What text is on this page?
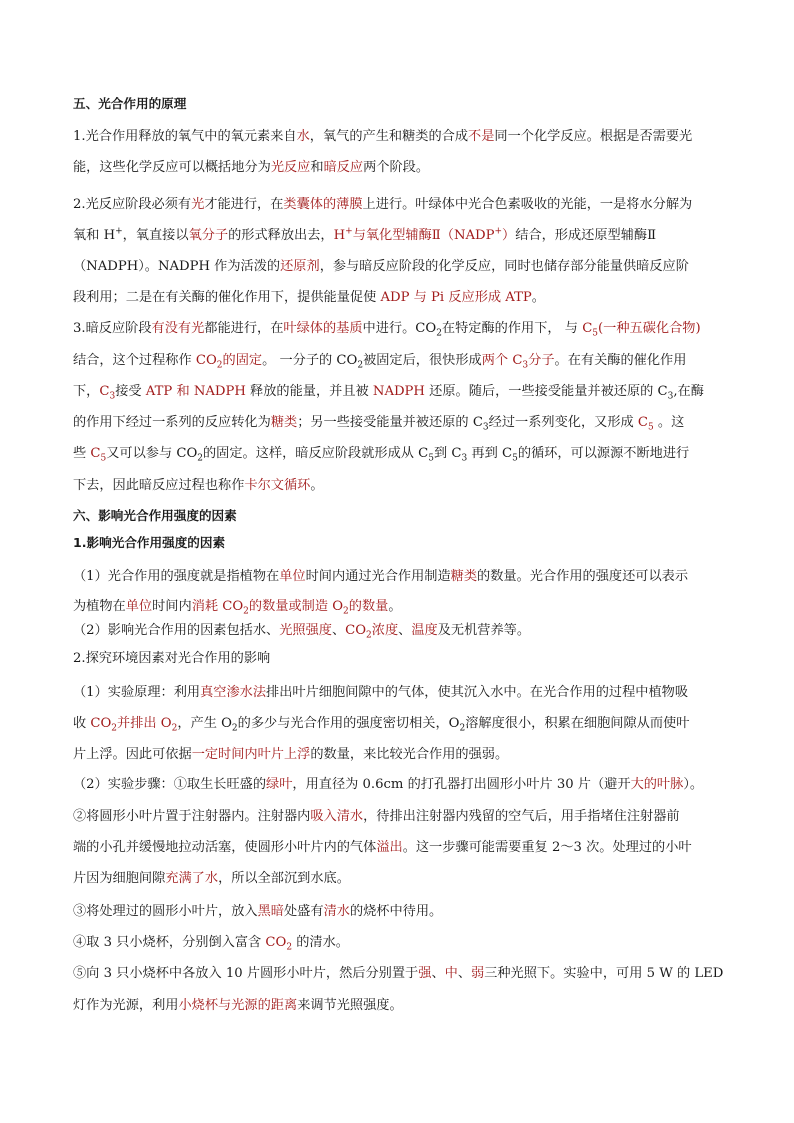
五、光合作用的原理
1.光合作用释放的氧气中的氧元素来自水，氧气的产生和糖类的合成不是同一个化学反应。根据是否需要光
能，这些化学反应可以概括地分为光反应和暗反应两个阶段。
2.光反应阶段必须有光才能进行，在类囊体的薄膜上进行。叶绿体中光合色素吸收的光能，一是将水分解为
氧和 H+，氧直接以氧分子的形式释放出去，H+与氧化型辅酶Ⅱ（NADP+）结合，形成还原型辅酶Ⅱ
（NADPH）。NADPH 作为活泼的还原剂，参与暗反应阶段的化学反应，同时也储存部分能量供暗反应阶
段利用；二是在有关酶的催化作用下，提供能量促使 ADP 与 Pi 反应形成 ATP。
3.暗反应阶段有没有光都能进行，在叶绿体的基质中进行。$CO_2$在特定酶的作用下， 与 $C_5$(一种五碳化合物)
结合，这个过程称作 $CO_2$的固定。 一分子的 $CO_2$被固定后，很快形成两个 $C_3$分子。在有关酶的催化作用
下，$C_3$接受 ATP 和 NADPH 释放的能量，并且被 NADPH 还原。随后，一些接受能量并被还原的 $C_3$,在酶
的作用下经过一系列的反应转化为糖类；另一些接受能量并被还原的 $C_3$经过一系列变化，又形成 $C_5$ 。这
些 $C_5$又可以参与 $CO_2$的固定。这样，暗反应阶段就形成从 $C_5$到 $C_3$ 再到 $C_5$的循环，可以源源不断地进行
下去，因此暗反应过程也称作卡尔文循环。
六、影响光合作用强度的因素
1.影响光合作用强度的因素
（1）光合作用的强度就是指植物在单位时间内通过光合作用制造糖类的数量。光合作用的强度还可以表示
为植物在单位时间内消耗 $CO_2$的数量或制造 $O_2$的数量。
（2）影响光合作用的因素包括水、光照强度、$CO_2$浓度、温度及无机营养等。
2.探究环境因素对光合作用的影响
（1）实验原理：利用真空渗水法排出叶片细胞间隙中的气体，使其沉入水中。在光合作用的过程中植物吸
收 $CO_2$并排出 $O_2$，产生 $O_2$的多少与光合作用的强度密切相关，$O_2$溶解度很小，积累在细胞间隙从而使叶
片上浮。因此可依据一定时间内叶片上浮的数量，来比较光合作用的强弱。
（2）实验步骤：①取生长旺盛的绿叶，用直径为 0.6cm 的打孔器打出圆形小叶片 30 片（避开大的叶脉）。
②将圆形小叶片置于注射器内。注射器内吸入清水，待排出注射器内残留的空气后，用手指堵住注射器前
端的小孔并缓慢地拉动活塞，使圆形小叶片内的气体溢出。这一步骤可能需要重复 2～3 次。处理过的小叶
片因为细胞间隙充满了水，所以全部沉到水底。
③将处理过的圆形小叶片，放入黑暗处盛有清水的烧杯中待用。
④取 3 只小烧杯，分别倒入富含 $CO_2$ 的清水。
⑤向 3 只小烧杯中各放入 10 片圆形小叶片，然后分别置于强、中、弱三种光照下。实验中，可用 5 W 的 LED
灯作为光源，利用小烧杯与光源的距离来调节光照强度。
